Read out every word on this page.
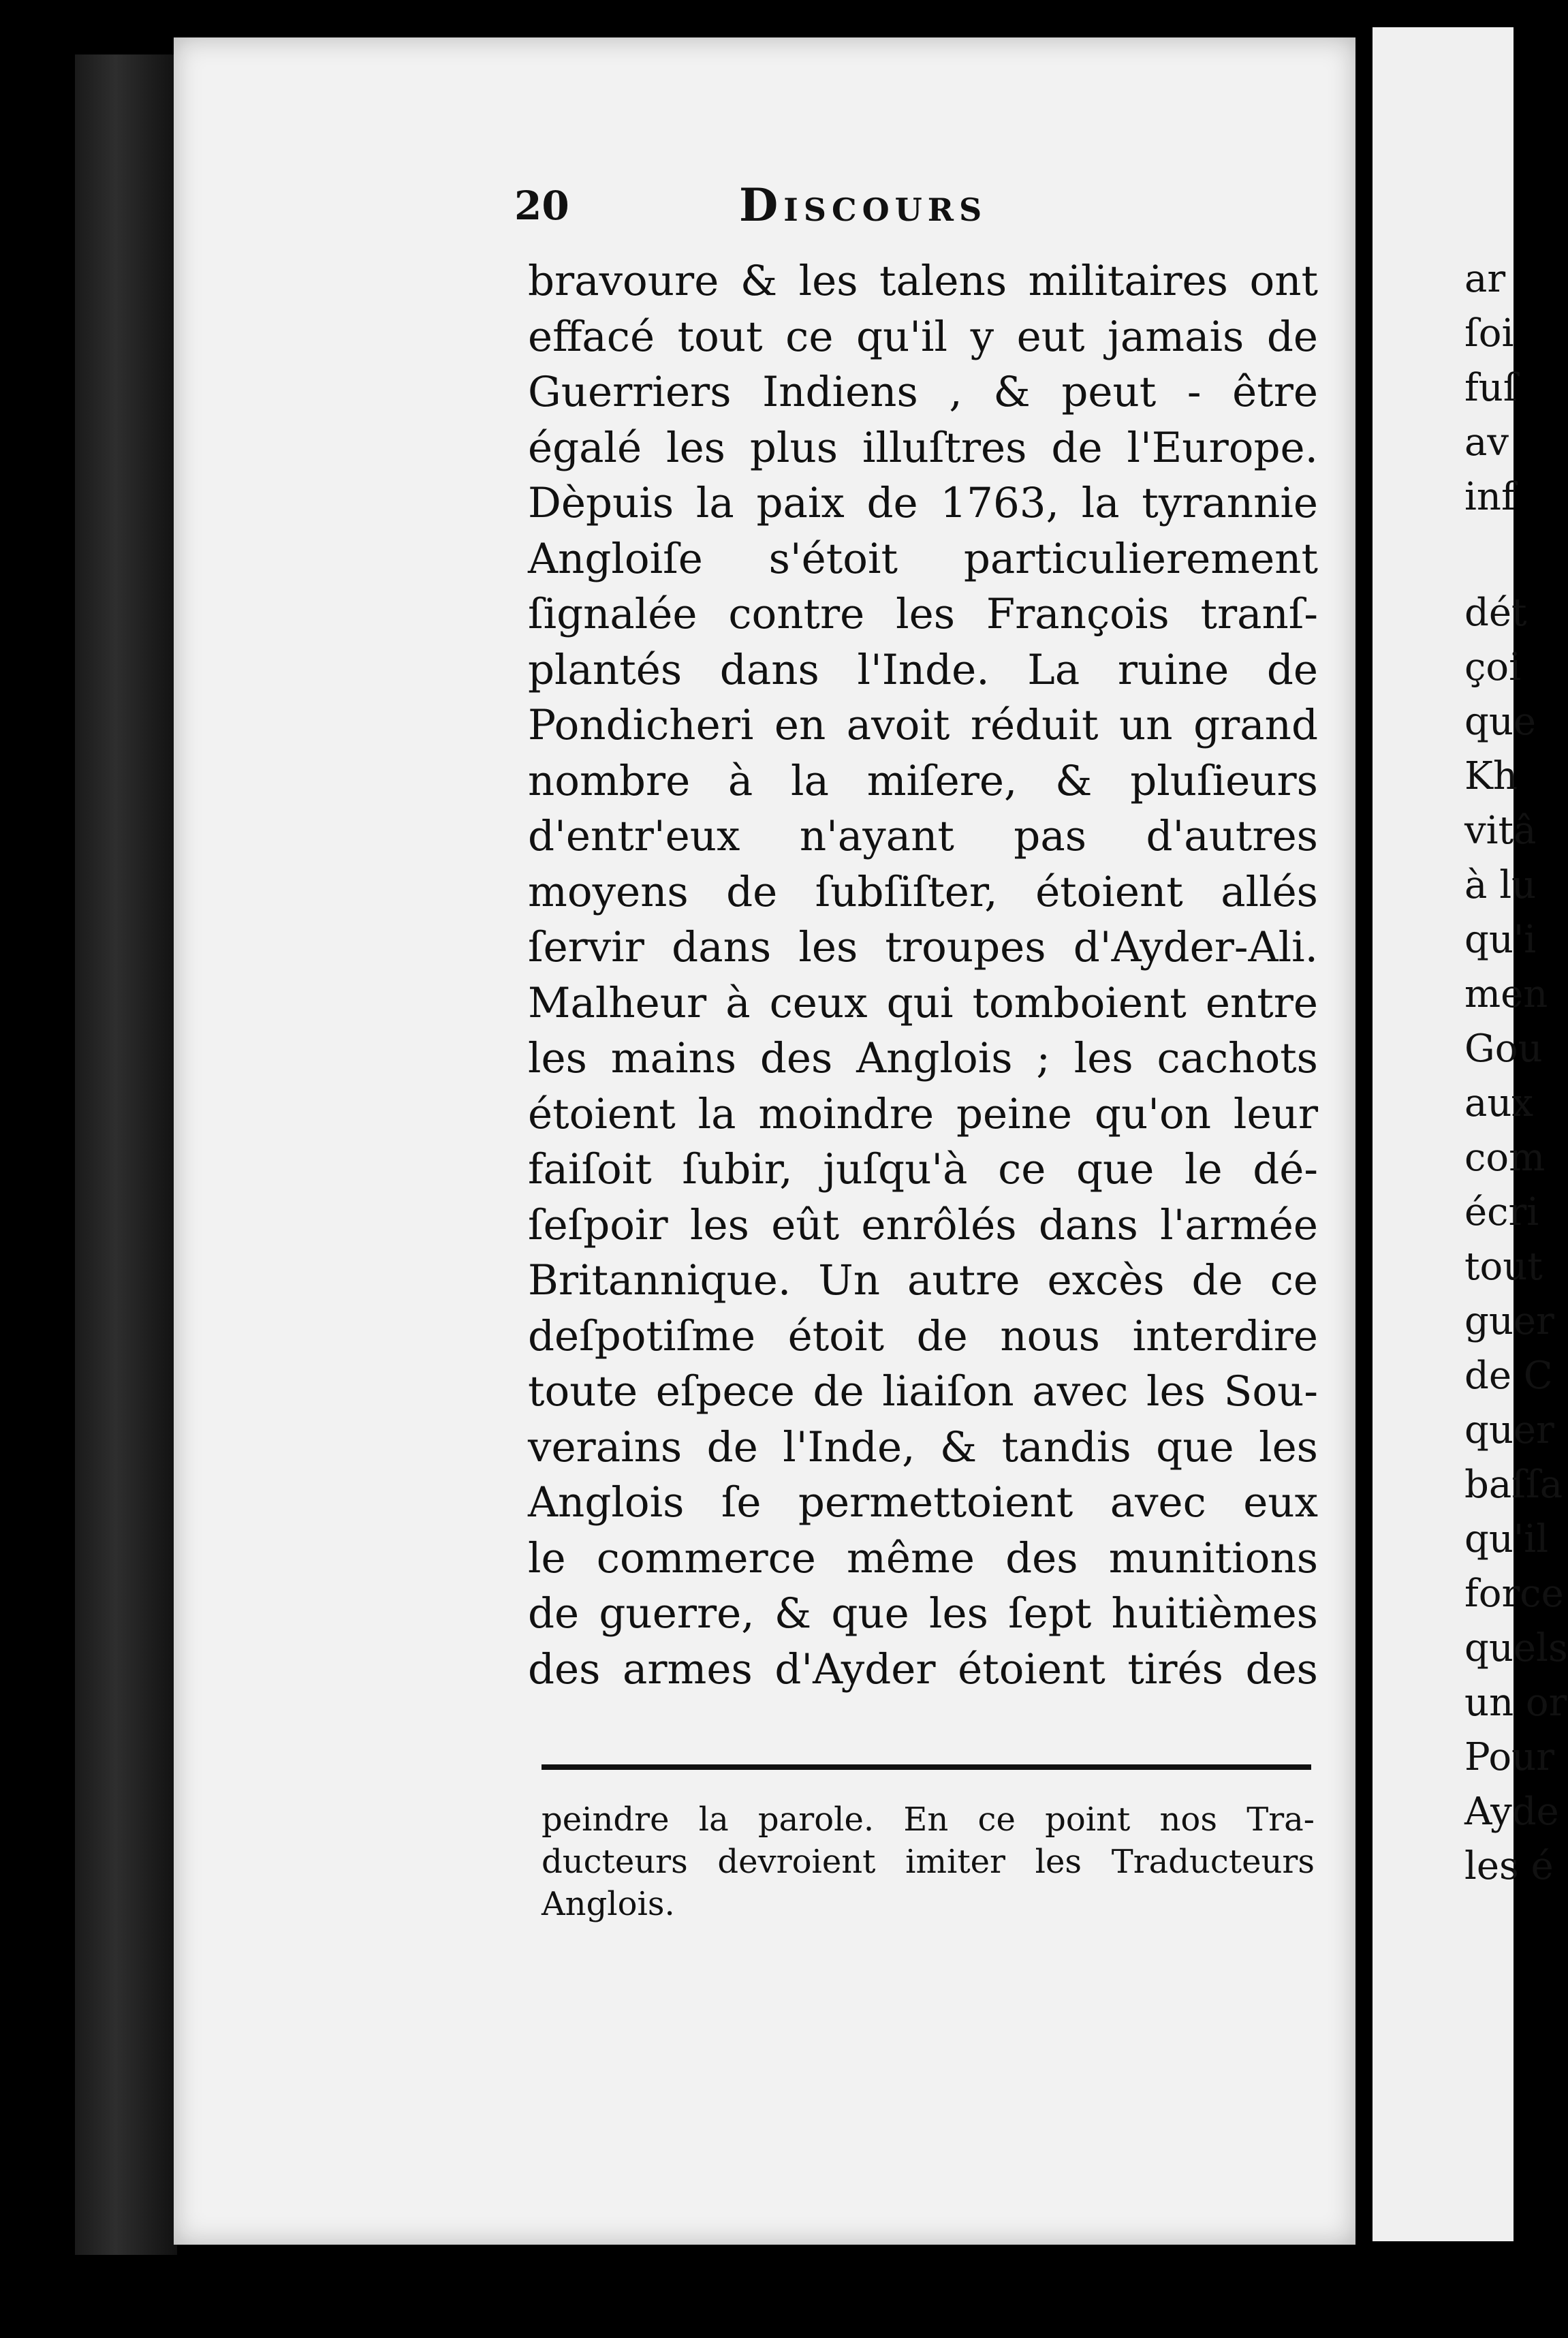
20	Discours
bravoure & les talens militaires ont
effacé tout ce qu'il y eut jamais de
Guerriers Indiens , & peut - être
égalé les plus illuſtres de l'Europe.
Dèpuis la paix de 1763, la tyrannie
Angloiſe s'étoit particulierement
ſignalée contre les François tranſ-
plantés dans l'Inde. La ruine de
Pondicheri en avoit réduit un grand
nombre à la miſere, & pluſieurs
d'entr'eux n'ayant pas d'autres
moyens de ſubſiſter, étoient allés
ſervir dans les troupes d'Ayder-Ali.
Malheur à ceux qui tomboient entre
les mains des Anglois ; les cachots
étoient la moindre peine qu'on leur
faiſoit ſubir, juſqu'à ce que le dé-
ſeſpoir les eût enrôlés dans l'armée
Britannique. Un autre excès de ce
deſpotiſme étoit de nous interdire
toute eſpece de liaiſon avec les Sou-
verains de l'Inde, & tandis que les
Anglois ſe permettoient avec eux
le commerce même des munitions
de guerre, & que les ſept huitièmes
des armes d'Ayder étoient tirés des
peindre la parole. En ce point nos Tra-
ducteurs devroient imiter les Traducteurs
Anglois.
ar
ſoi
fuſ
av
inf
dét
çoi
que
Kh
vitâ
à lu
qu'i
men
Gou
aux
com
écri
tout
guer
de C
quer
baſſa
qu'il
force
quels
un or
Pour
Ayde
les é
